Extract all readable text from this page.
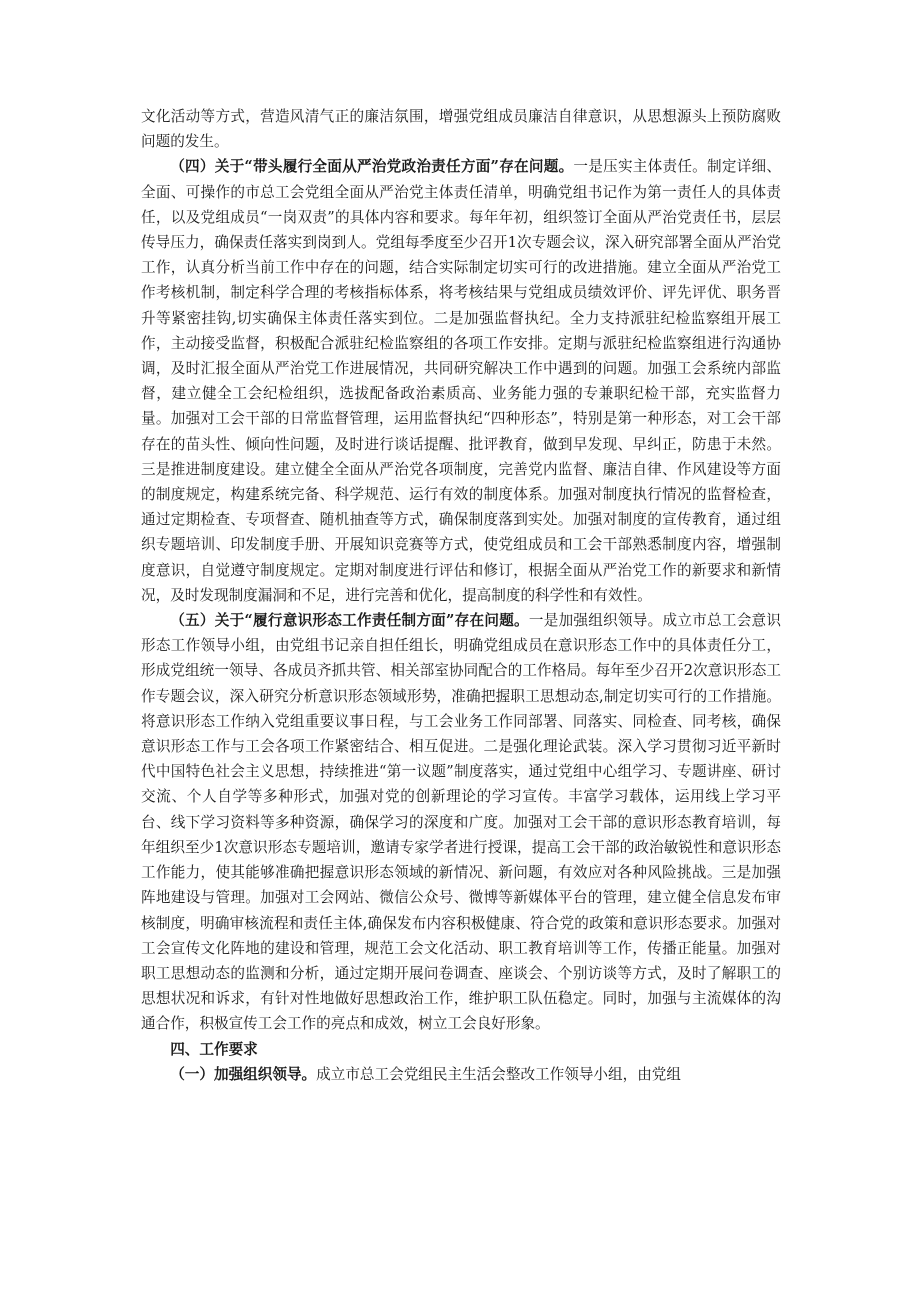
文化活动等方式，营造风清气正的廉洁氛围，增强党组成员廉洁自律意识，从思想源头上预防腐败问题的发生。

（四）关于“带头履行全面从严治党政治责任方面”存在问题。一是压实主体责任。制定详细、全面、可操作的市总工会党组全面从严治党主体责任清单，明确党组书记作为第一责任人的具体责任，以及党组成员“一岗双责”的具体内容和要求。每年年初，组织签订全面从严治党责任书，层层传导压力，确保责任落实到岗到人。党组每季度至少召开1次专题会议，深入研究部署全面从严治党工作，认真分析当前工作中存在的问题，结合实际制定切实可行的改进措施。建立全面从严治党工作考核机制，制定科学合理的考核指标体系，将考核结果与党组成员绩效评价、评先评优、职务晋升等紧密挂钩,切实确保主体责任落实到位。二是加强监督执纪。全力支持派驻纪检监察组开展工作，主动接受监督，积极配合派驻纪检监察组的各项工作安排。定期与派驻纪检监察组进行沟通协调，及时汇报全面从严治党工作进展情况，共同研究解决工作中遇到的问题。加强工会系统内部监督，建立健全工会纪检组织，选拔配备政治素质高、业务能力强的专兼职纪检干部，充实监督力量。加强对工会干部的日常监督管理，运用监督执纪“四种形态”，特别是第一种形态，对工会干部存在的苗头性、倾向性问题，及时进行谈话提醒、批评教育，做到早发现、早纠正，防患于未然。三是推进制度建设。建立健全全面从严治党各项制度，完善党内监督、廉洁自律、作风建设等方面的制度规定，构建系统完备、科学规范、运行有效的制度体系。加强对制度执行情况的监督检查，通过定期检查、专项督查、随机抽查等方式，确保制度落到实处。加强对制度的宣传教育，通过组织专题培训、印发制度手册、开展知识竞赛等方式，使党组成员和工会干部熟悉制度内容，增强制度意识，自觉遵守制度规定。定期对制度进行评估和修订，根据全面从严治党工作的新要求和新情况，及时发现制度漏洞和不足，进行完善和优化，提高制度的科学性和有效性。

（五）关于“履行意识形态工作责任制方面”存在问题。一是加强组织领导。成立市总工会意识形态工作领导小组，由党组书记亲自担任组长，明确党组成员在意识形态工作中的具体责任分工，形成党组统一领导、各成员齐抓共管、相关部室协同配合的工作格局。每年至少召开2次意识形态工作专题会议，深入研究分析意识形态领域形势，准确把握职工思想动态,制定切实可行的工作措施。将意识形态工作纳入党组重要议事日程，与工会业务工作同部署、同落实、同检查、同考核，确保意识形态工作与工会各项工作紧密结合、相互促进。二是强化理论武装。深入学习贯彻习近平新时代中国特色社会主义思想，持续推进“第一议题”制度落实，通过党组中心组学习、专题讲座、研讨交流、个人自学等多种形式，加强对党的创新理论的学习宣传。丰富学习载体，运用线上学习平台、线下学习资料等多种资源，确保学习的深度和广度。加强对工会干部的意识形态教育培训，每年组织至少1次意识形态专题培训，邀请专家学者进行授课，提高工会干部的政治敏锐性和意识形态工作能力，使其能够准确把握意识形态领域的新情况、新问题，有效应对各种风险挑战。三是加强阵地建设与管理。加强对工会网站、微信公众号、微博等新媒体平台的管理，建立健全信息发布审核制度，明确审核流程和责任主体,确保发布内容积极健康、符合党的政策和意识形态要求。加强对工会宣传文化阵地的建设和管理，规范工会文化活动、职工教育培训等工作，传播正能量。加强对职工思想动态的监测和分析，通过定期开展问卷调查、座谈会、个别访谈等方式，及时了解职工的思想状况和诉求，有针对性地做好思想政治工作，维护职工队伍稳定。同时，加强与主流媒体的沟通合作，积极宣传工会工作的亮点和成效，树立工会良好形象。

四、工作要求

（一）加强组织领导。成立市总工会党组民主生活会整改工作领导小组，由党组
